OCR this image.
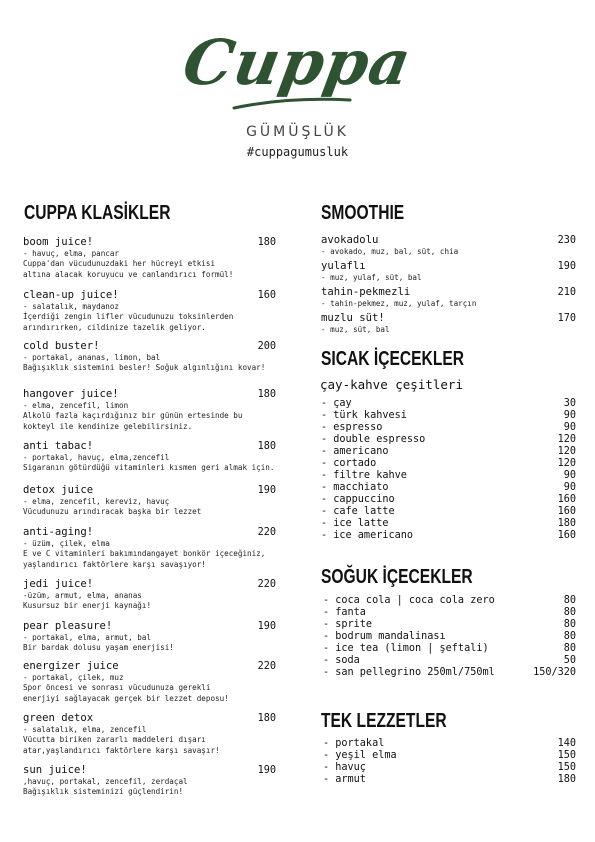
Cuppa
GÜMÜŞLÜK
#cuppagumusluk
CUPPA KLASİKLER
boom juice!	180
- havuç, elma, pancar
Cuppa'dan vücudunuzdaki her hücreyi etkisi
altına alacak koruyucu ve canlandırıcı formül!
clean-up juice!	160
- salatalık, maydanoz
İçerdiği zengin lifler vücudunuzu toksinlerden
arındırırken, cildinize tazelik geliyor.
cold buster!	200
- portakal, ananas, limon, bal
Bağışıklık sistemini besler! Soğuk algınlığını kovar!
hangover juice!	180
- elma, zencefil, limon
Alkolü fazla kaçırdığınız bir günün ertesinde bu
kokteyl ile kendinize gelebilirsiniz.
anti tabac!	180
- portakal, havuç, elma,zencefil
Sigaranın götürdüğü vitaminleri kısmen geri almak için.
detox juice	190
- elma, zencefil, kereviz, havuç
Vücudunuzu arındıracak başka bir lezzet
anti-aging!	220
- üzüm, çilek, elma
E ve C vitaminleri bakımındangayet bonkör içeceğiniz,
yaşlandırıcı faktörlere karşı savaşıyor!
jedi juice!	220
-üzüm, armut, elma, ananas
Kusursuz bir enerji kaynağı!
pear pleasure!	190
- portakal, elma, armut, bal
Bir bardak dolusu yaşam enerjisi!
energizer juice	220
- portakal, çilek, muz
Spor öncesi ve sonrası vücudunuza gerekli
enerjiyi sağlayacak gerçek bir lezzet deposu!
green detox	180
- salatalık, elma, zencefil
Vücutta biriken zararlı maddeleri dışarı
atar,yaşlandırıcı faktörlere karşı savaşır!
sun juice!	190
,havuç, portakal, zencefil, zerdaçal
Bağışıklık sisteminizi güçlendirin!
SMOOTHIE
avokadolu	230
- avokado, muz, bal, süt, chia
yulaflı	190
- muz, yulaf, süt, bal
tahin-pekmezli	210
- tahin-pekmez, muz, yulaf, tarçın
muzlu süt!	170
- muz, süt, bal
SICAK İÇECEKLER
çay-kahve çeşitleri
- çay	30
- türk kahvesi	90
- espresso	90
- double espresso	120
- americano	120
- cortado	120
- filtre kahve	90
- macchiato	90
- cappuccino	160
- cafe latte	160
- ice latte	180
- ice americano	160
SOĞUK İÇECEKLER
- coca cola | coca cola zero	80
- fanta	80
- sprite	80
- bodrum mandalinası	80
- ice tea (limon | şeftali)	80
- soda	50
- san pellegrino 250ml/750ml	150/320
TEK LEZZETLER
- portakal	140
- yeşil elma	150
- havuç	150
- armut	180
